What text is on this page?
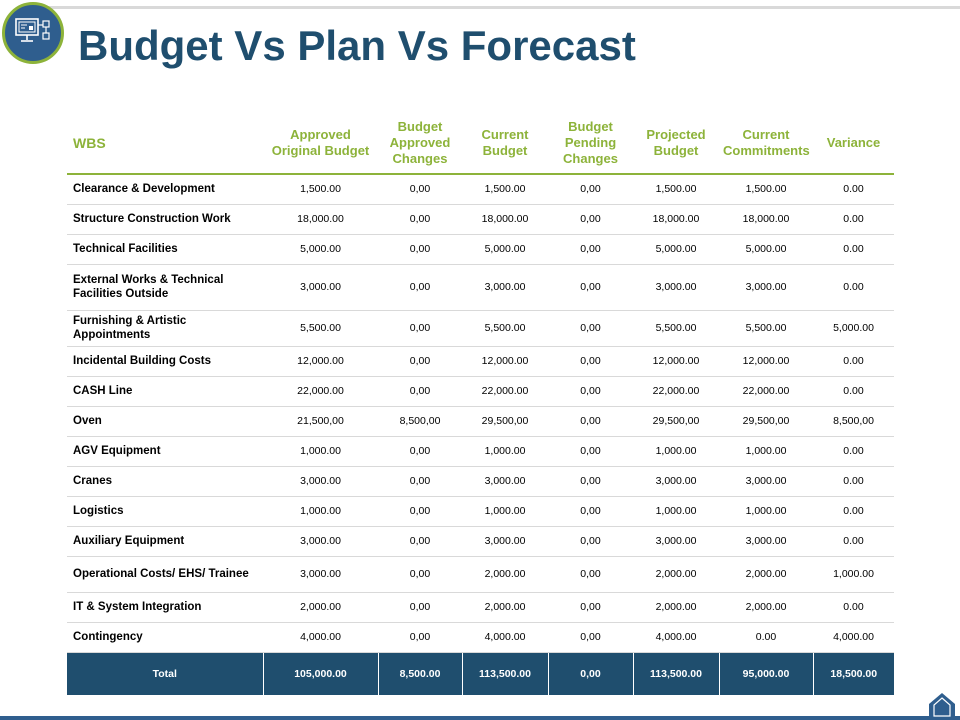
Budget Vs Plan Vs Forecast
WBS	Approved Original Budget	Budget Approved Changes	Current Budget	Budget Pending Changes	Projected Budget	Current Commitments	Variance
Clearance & Development	1,500.00	0,00	1,500.00	0,00	1,500.00	1,500.00	0.00
Structure Construction Work	18,000.00	0,00	18,000.00	0,00	18,000.00	18,000.00	0.00
Technical Facilities	5,000.00	0,00	5,000.00	0,00	5,000.00	5,000.00	0.00
External Works & Technical Facilities Outside	3,000.00	0,00	3,000.00	0,00	3,000.00	3,000.00	0.00
Furnishing & Artistic Appointments	5,500.00	0,00	5,500.00	0,00	5,500.00	5,500.00	5,000.00
Incidental Building Costs	12,000.00	0,00	12,000.00	0,00	12,000.00	12,000.00	0.00
CASH Line	22,000.00	0,00	22,000.00	0,00	22,000.00	22,000.00	0.00
Oven	21,500,00	8,500,00	29,500,00	0,00	29,500,00	29,500,00	8,500,00
AGV Equipment	1,000.00	0,00	1,000.00	0,00	1,000.00	1,000.00	0.00
Cranes	3,000.00	0,00	3,000.00	0,00	3,000.00	3,000.00	0.00
Logistics	1,000.00	0,00	1,000.00	0,00	1,000.00	1,000.00	0.00
Auxiliary Equipment	3,000.00	0,00	3,000.00	0,00	3,000.00	3,000.00	0.00
Operational Costs/ EHS/ Trainee	3,000.00	0,00	2,000.00	0,00	2,000.00	2,000.00	1,000.00
IT & System Integration	2,000.00	0,00	2,000.00	0,00	2,000.00	2,000.00	0.00
Contingency	4,000.00	0,00	4,000.00	0,00	4,000.00	0.00	4,000.00
Total	105,000.00	8,500.00	113,500.00	0,00	113,500.00	95,000.00	18,500.00
